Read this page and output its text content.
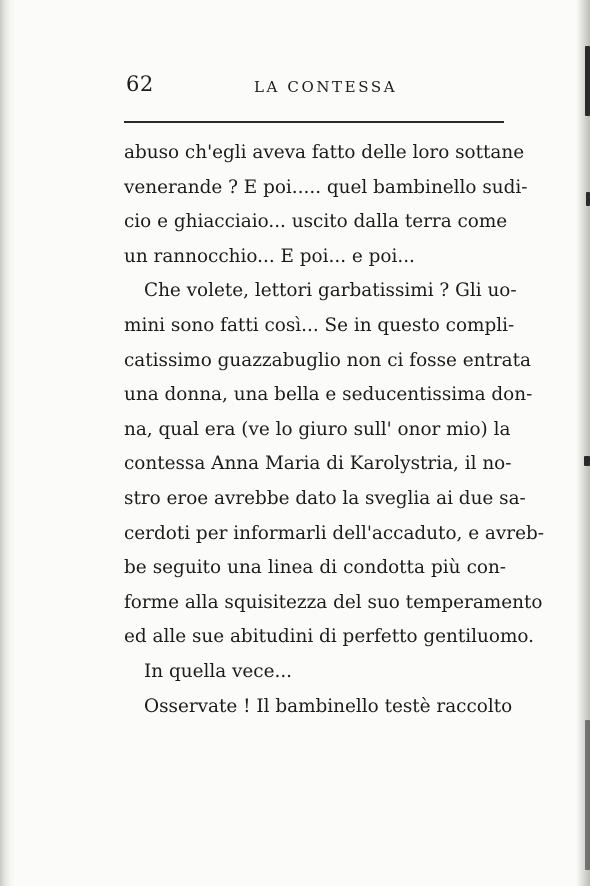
62	LA CONTESSA
abuso ch'egli aveva fatto delle loro sottane
venerande ? E poi..... quel bambinello sudi-
cio e ghiacciaio... uscito dalla terra come
un rannocchio... E poi... e poi...
Che volete, lettori garbatissimi ? Gli uo-
mini sono fatti così... Se in questo compli-
catissimo guazzabuglio non ci fosse entrata
una donna, una bella e seducentissima don-
na, qual era (ve lo giuro sull' onor mio) la
contessa Anna Maria di Karolystria, il no-
stro eroe avrebbe dato la sveglia ai due sa-
cerdoti per informarli dell'accaduto, e avreb-
be seguito una linea di condotta più con-
forme alla squisitezza del suo temperamento
ed alle sue abitudini di perfetto gentiluomo.
In quella vece...
Osservate ! Il bambinello testè raccolto
